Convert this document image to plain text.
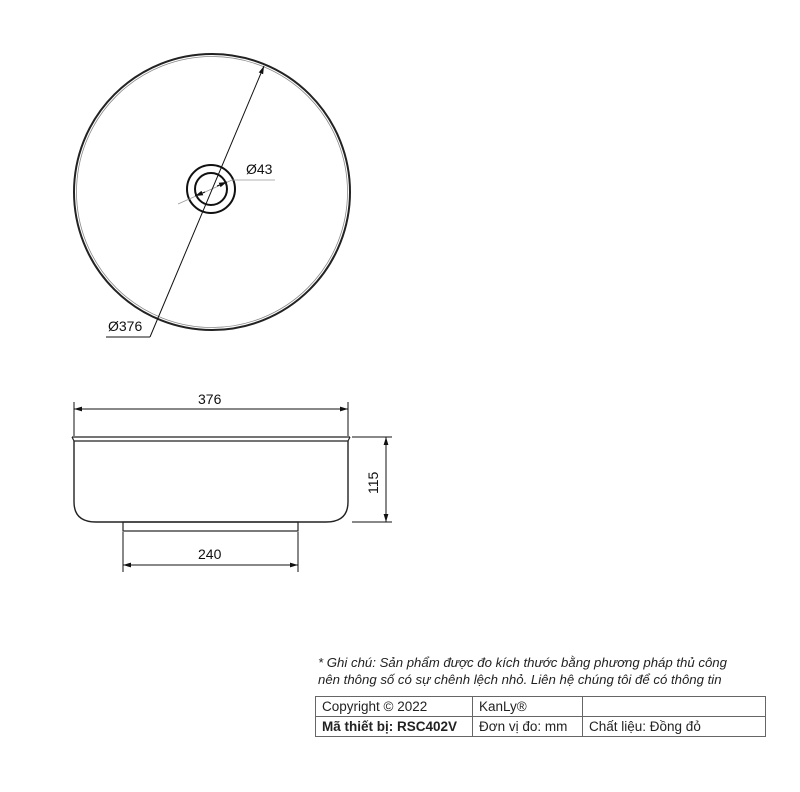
Ø43
Ø376
376
115
240
* Ghi chú: Sản phẩm được đo kích thước bằng phương pháp thủ công
nên thông số có sự chênh lệch nhỏ. Liên hệ chúng tôi để có thông tin
Copyright © 2022	KanLy®	
Mã thiết bị: RSC402V	Đơn vị đo: mm	Chất liệu: Đồng đỏ
